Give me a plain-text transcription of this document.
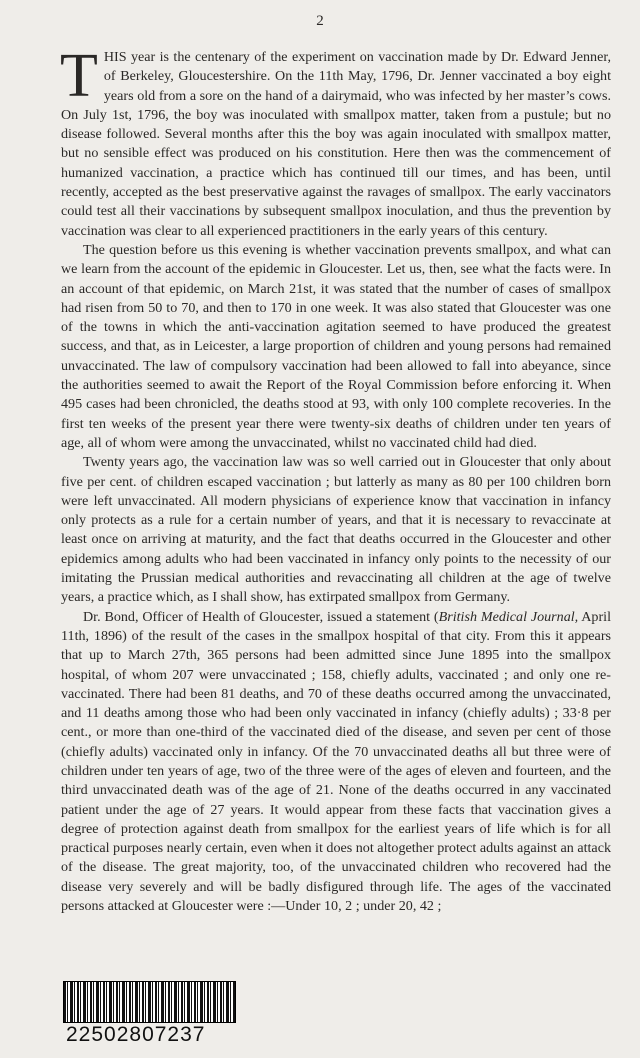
2

THIS year is the centenary of the experiment on vaccination made by Dr. Edward Jenner, of Berkeley, Gloucestershire. On the 11th May, 1796, Dr. Jenner vaccinated a boy eight years old from a sore on the hand of a dairymaid, who was infected by her master’s cows. On July 1st, 1796, the boy was inoculated with smallpox matter, taken from a pustule; but no disease followed. Several months after this the boy was again inoculated with smallpox matter, but no sensible effect was produced on his constitution. Here then was the commencement of humanized vaccination, a practice which has continued till our times, and has been, until recently, accepted as the best preservative against the ravages of smallpox. The early vaccinators could test all their vaccinations by subsequent smallpox inoculation, and thus the prevention by vaccination was clear to all experienced practitioners in the early years of this century.

The question before us this evening is whether vaccination prevents smallpox, and what can we learn from the account of the epidemic in Gloucester. Let us, then, see what the facts were. In an account of that epidemic, on March 21st, it was stated that the number of cases of smallpox had risen from 50 to 70, and then to 170 in one week. It was also stated that Gloucester was one of the towns in which the anti-vaccination agitation seemed to have produced the greatest success, and that, as in Leicester, a large proportion of children and young persons had remained unvaccinated. The law of compulsory vaccination had been allowed to fall into abeyance, since the authorities seemed to await the Report of the Royal Commission before enforcing it. When 495 cases had been chronicled, the deaths stood at 93, with only 100 complete recoveries. In the first ten weeks of the present year there were twenty-six deaths of children under ten years of age, all of whom were among the unvaccinated, whilst no vaccinated child had died.

Twenty years ago, the vaccination law was so well carried out in Gloucester that only about five per cent. of children escaped vaccination ; but latterly as many as 80 per 100 children born were left unvaccinated. All modern physicians of experience know that vaccination in infancy only protects as a rule for a certain number of years, and that it is necessary to revaccinate at least once on arriving at maturity, and the fact that deaths occurred in the Gloucester and other epidemics among adults who had been vaccinated in infancy only points to the necessity of our imitating the Prussian medical authorities and revaccinating all children at the age of twelve years, a practice which, as I shall show, has extirpated smallpox from Germany.

Dr. Bond, Officer of Health of Gloucester, issued a statement (British Medical Journal, April 11th, 1896) of the result of the cases in the smallpox hospital of that city. From this it appears that up to March 27th, 365 persons had been admitted since June 1895 into the smallpox hospital, of whom 207 were unvaccinated ; 158, chiefly adults, vaccinated ; and only one re-vaccinated. There had been 81 deaths, and 70 of these deaths occurred among the unvaccinated, and 11 deaths among those who had been only vaccinated in infancy (chiefly adults) ; 33·8 per cent., or more than one-third of the vaccinated died of the disease, and seven per cent of those (chiefly adults) vaccinated only in infancy. Of the 70 unvaccinated deaths all but three were of children under ten years of age, two of the three were of the ages of eleven and fourteen, and the third unvaccinated death was of the age of 21. None of the deaths occurred in any vaccinated patient under the age of 27 years. It would appear from these facts that vaccination gives a degree of protection against death from smallpox for the earliest years of life which is for all practical purposes nearly certain, even when it does not altogether protect adults against an attack of the disease. The great majority, too, of the unvaccinated children who recovered had the disease very severely and will be badly disfigured through life. The ages of the vaccinated persons attacked at Gloucester were :—Under 10, 2 ; under 20, 42 ;

22502807237
